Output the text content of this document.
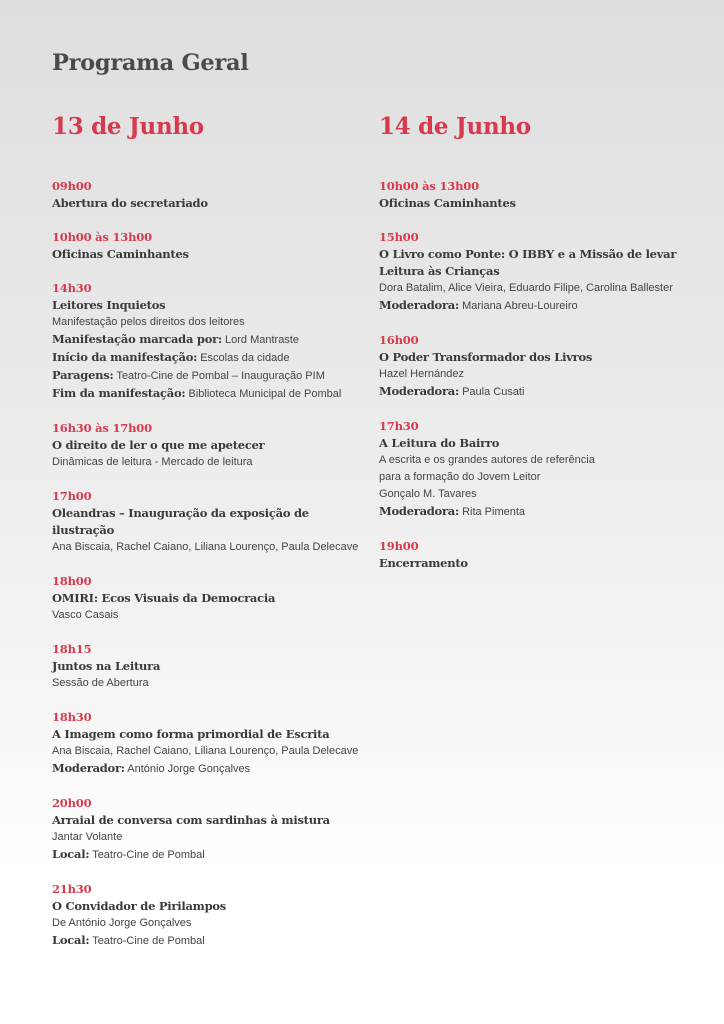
Programa Geral
13 de Junho
09h00
Abertura do secretariado
10h00 às 13h00
Oficinas Caminhantes
14h30
Leitores Inquietos
Manifestação pelos direitos dos leitores
Manifestação marcada por: Lord Mantraste
Início da manifestação: Escolas da cidade
Paragens: Teatro-Cine de Pombal – Inauguração PIM
Fim da manifestação: Biblioteca Municipal de Pombal
16h30 às 17h00
O direito de ler o que me apetecer
Dinâmicas de leitura - Mercado de leitura
17h00
Oleandras – Inauguração da exposição de ilustração
Ana Biscaia, Rachel Caiano, Liliana Lourenço, Paula Delecave
18h00
OMIRI: Ecos Visuais da Democracia
Vasco Casais
18h15
Juntos na Leitura
Sessão de Abertura
18h30
A Imagem como forma primordial de Escrita
Ana Biscaia, Rachel Caiano, Liliana Lourenço, Paula Delecave
Moderador: António Jorge Gonçalves
20h00
Arraial de conversa com sardinhas à mistura
Jantar Volante
Local: Teatro-Cine de Pombal
21h30
O Convidador de Pirilampos
De António Jorge Gonçalves
Local: Teatro-Cine de Pombal
14 de Junho
10h00 às 13h00
Oficinas Caminhantes
15h00
O Livro como Ponte: O IBBY e a Missão de levar
Leitura às Crianças
Dora Batalim, Alice Vieira, Eduardo Filipe, Carolina Ballester
Moderadora: Mariana Abreu-Loureiro
16h00
O Poder Transformador dos Livros
Hazel Hernández
Moderadora: Paula Cusati
17h30
A Leitura do Bairro
A escrita e os grandes autores de referência
para a formação do Jovem Leitor
Gonçalo M. Tavares
Moderadora: Rita Pimenta
19h00
Encerramento
